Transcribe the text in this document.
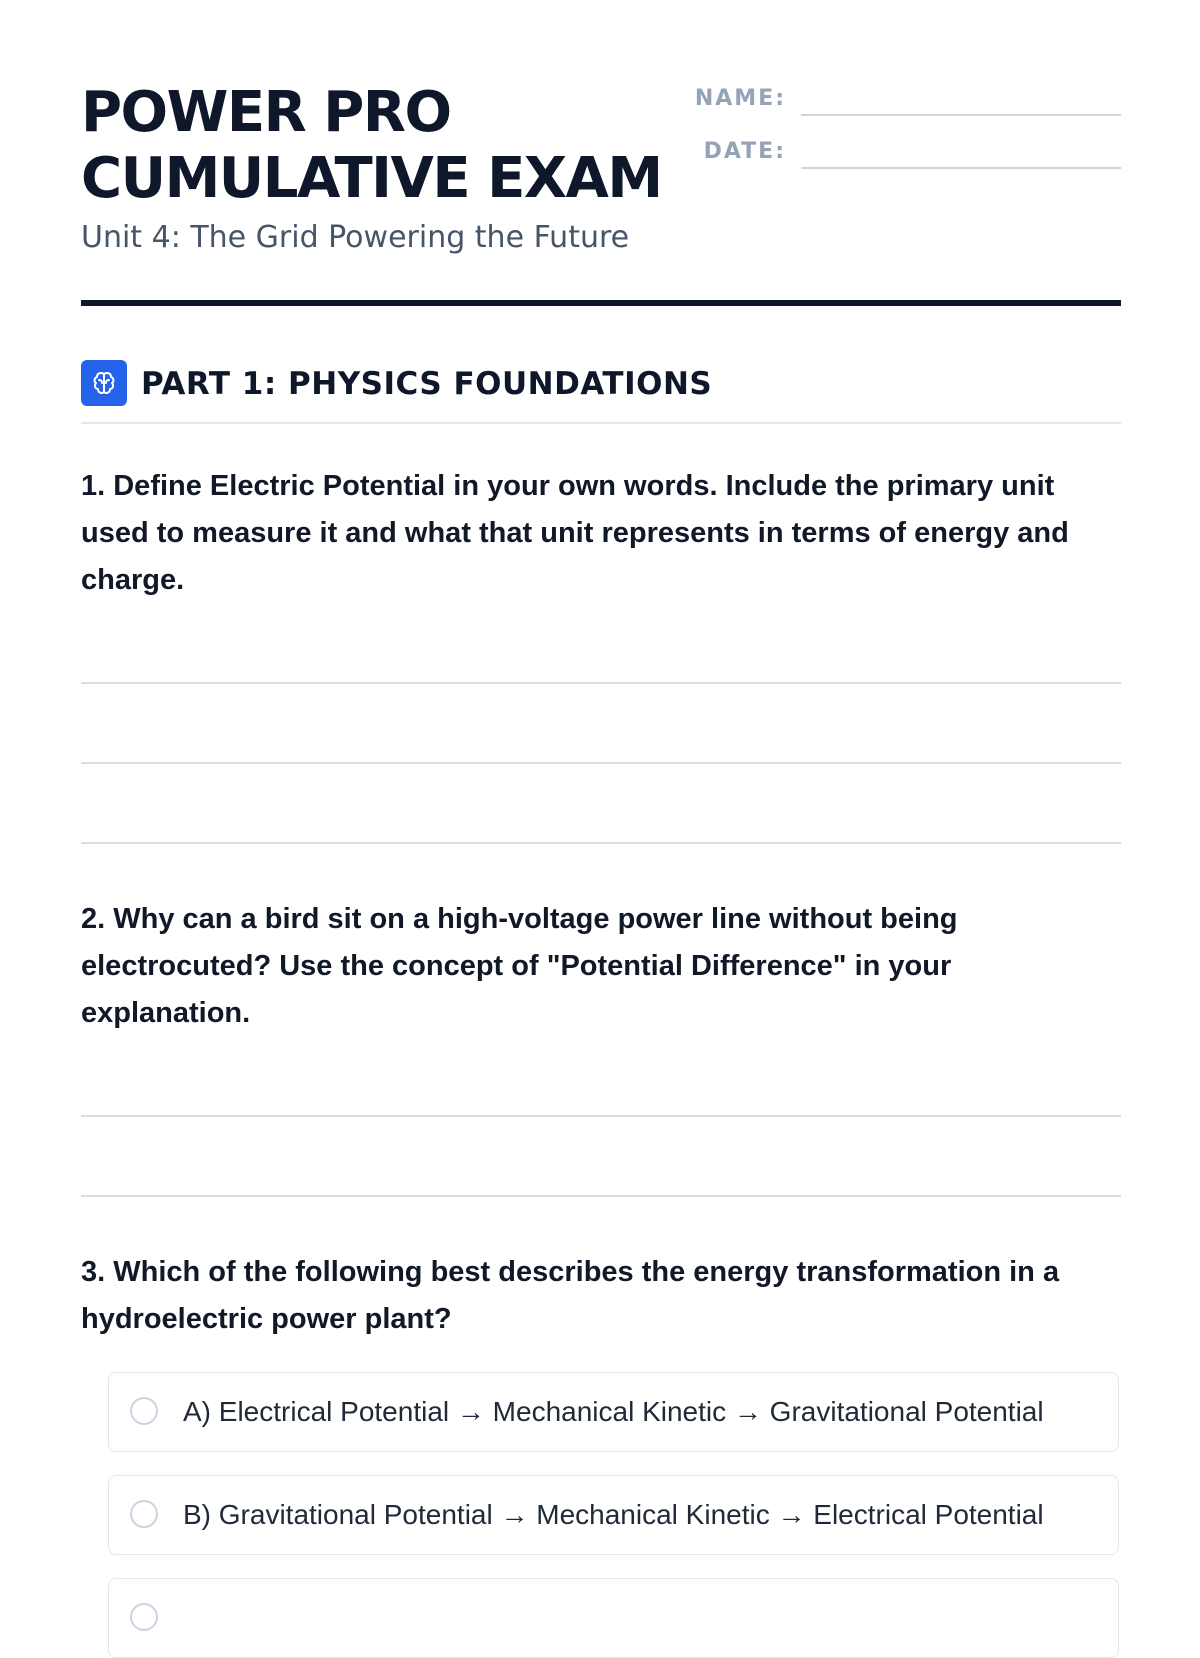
POWER PRO
CUMULATIVE EXAM

Unit 4: The Grid Powering the Future

NAME:
DATE:
PART 1: PHYSICS FOUNDATIONS

1. Define Electric Potential in your own words. Include the primary unit used to measure it and what that unit represents in terms of energy and charge.

2. Why can a bird sit on a high-voltage power line without being electrocuted? Use the concept of "Potential Difference" in your explanation.

3. Which of the following best describes the energy transformation in a hydroelectric power plant?

A) Electrical Potential → Mechanical Kinetic → Gravitational Potential
B) Gravitational Potential → Mechanical Kinetic → Electrical Potential
